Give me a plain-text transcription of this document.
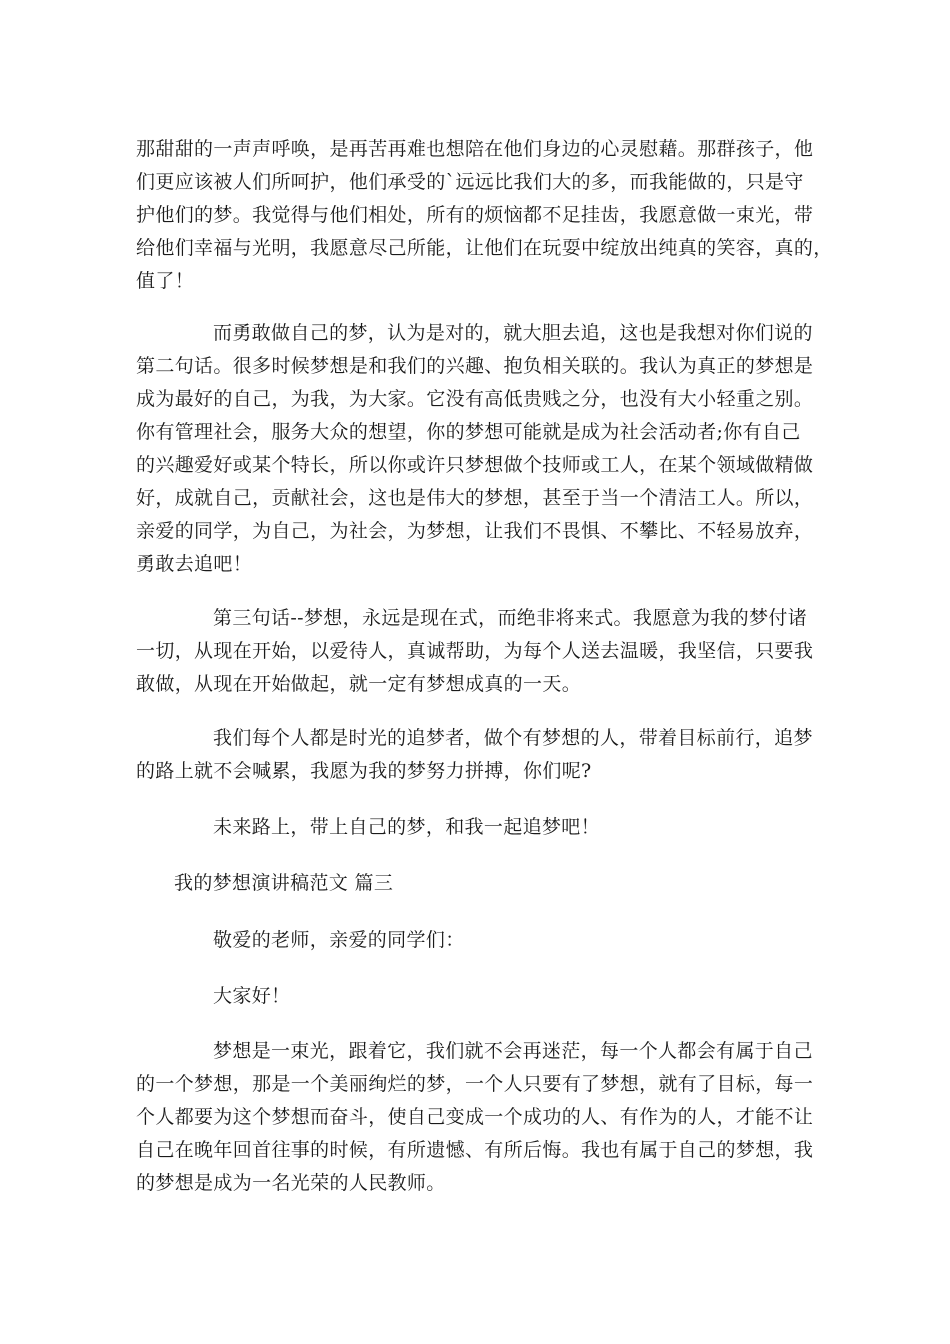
那甜甜的一声声呼唤，是再苦再难也想陪在他们身边的心灵慰藉。那群孩子，他
们更应该被人们所呵护，他们承受的`远远比我们大的多，而我能做的，只是守
护他们的梦。我觉得与他们相处，所有的烦恼都不足挂齿，我愿意做一束光，带
给他们幸福与光明，我愿意尽己所能，让他们在玩耍中绽放出纯真的笑容，真的，
值了！
而勇敢做自己的梦，认为是对的，就大胆去追，这也是我想对你们说的
第二句话。很多时候梦想是和我们的兴趣、抱负相关联的。我认为真正的梦想是
成为最好的自己，为我，为大家。它没有高低贵贱之分，也没有大小轻重之别。
你有管理社会，服务大众的想望，你的梦想可能就是成为社会活动者;你有自己
的兴趣爱好或某个特长，所以你或许只梦想做个技师或工人，在某个领域做精做
好，成就自己，贡献社会，这也是伟大的梦想，甚至于当一个清洁工人。所以，
亲爱的同学，为自己，为社会，为梦想，让我们不畏惧、不攀比、不轻易放弃，
勇敢去追吧！
第三句话--梦想，永远是现在式，而绝非将来式。我愿意为我的梦付诸
一切，从现在开始，以爱待人，真诚帮助，为每个人送去温暖，我坚信，只要我
敢做，从现在开始做起，就一定有梦想成真的一天。
我们每个人都是时光的追梦者，做个有梦想的人，带着目标前行，追梦
的路上就不会喊累，我愿为我的梦努力拼搏，你们呢?
未来路上，带上自己的梦，和我一起追梦吧！
我的梦想演讲稿范文 篇三
敬爱的老师，亲爱的同学们：
大家好！
梦想是一束光，跟着它，我们就不会再迷茫，每一个人都会有属于自己
的一个梦想，那是一个美丽绚烂的梦，一个人只要有了梦想，就有了目标，每一
个人都要为这个梦想而奋斗，使自己变成一个成功的人、有作为的人，才能不让
自己在晚年回首往事的时候，有所遗憾、有所后悔。我也有属于自己的梦想，我
的梦想是成为一名光荣的人民教师。
